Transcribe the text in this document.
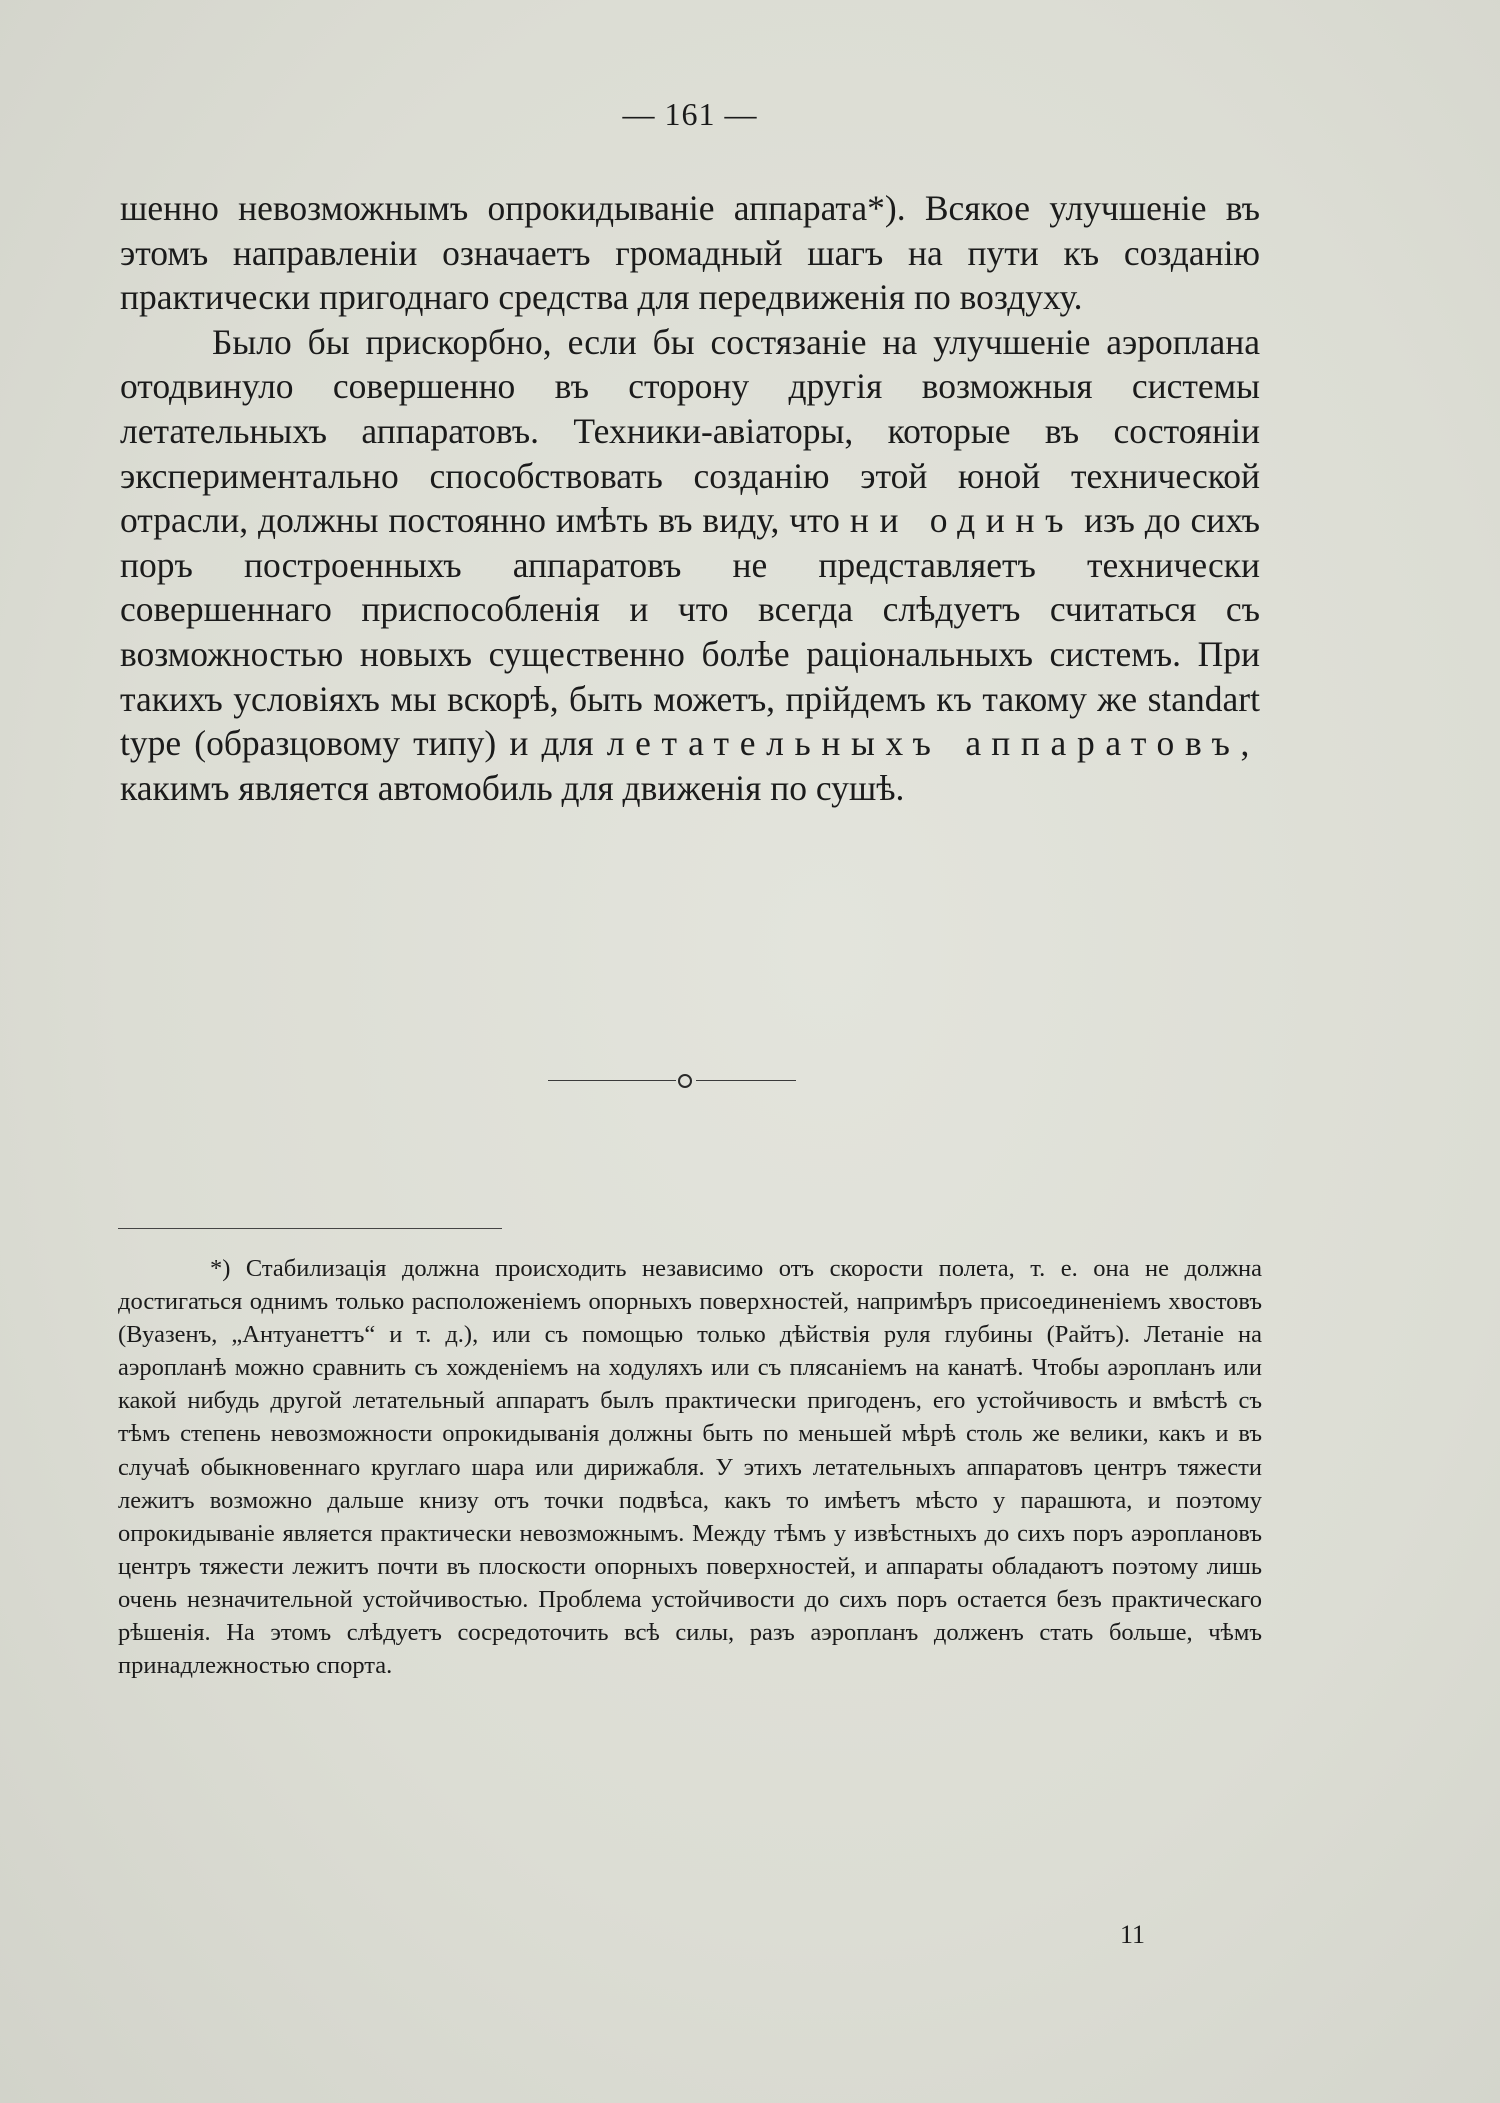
— 161 —

шенно невозможнымъ опрокидываніе аппарата*). Всякое улучшеніе въ этомъ направленіи означаетъ громадный шагъ на пути къ созданію практически пригоднаго средства для передвиженія по воздуху.

Было бы прискорбно, если бы состязаніе на улучшеніе аэроплана отодвинуло совершенно въ сторону другія возможныя системы летательныхъ аппаратовъ. Техники-авіаторы, которые въ состояніи экспериментально способствовать созданію этой юной технической отрасли, должны постоянно имѣть въ виду, что ни одинъ изъ до сихъ поръ построенныхъ аппаратовъ не представляетъ технически совершеннаго приспособленія и что всегда слѣдуетъ считаться съ возможностью новыхъ существенно болѣе раціональныхъ системъ. При такихъ условіяхъ мы вскорѣ, быть можетъ, прійдемъ къ такому же standart type (образцовому типу) и для летательныхъ аппаратовъ, какимъ является автомобиль для движенія по сушѣ.

*) Стабилизація должна происходить независимо отъ скорости полета, т. е. она не должна достигаться однимъ только расположеніемъ опорныхъ поверхностей, напримѣръ присоединеніемъ хвостовъ (Вуазенъ, „Антуанеттъ“ и т. д.), или съ помощью только дѣйствія руля глубины (Райтъ). Летаніе на аэропланѣ можно сравнить съ хожденіемъ на ходуляхъ или съ плясаніемъ на канатѣ. Чтобы аэропланъ или какой нибудь другой летательный аппаратъ былъ практически пригоденъ, его устойчивость и вмѣстѣ съ тѣмъ степень невозможности опрокидыванія должны быть по меньшей мѣрѣ столь же велики, какъ и въ случаѣ обыкновеннаго круглаго шара или дирижабля. У этихъ летательныхъ аппаратовъ центръ тяжести лежитъ возможно дальше книзу отъ точки подвѣса, какъ то имѣетъ мѣсто у парашюта, и поэтому опрокидываніе является практически невозможнымъ. Между тѣмъ у извѣстныхъ до сихъ поръ аэроплановъ центръ тяжести лежитъ почти въ плоскости опорныхъ поверхностей, и аппараты обладаютъ поэтому лишь очень незначительной устойчивостью. Проблема устойчивости до сихъ поръ остается безъ практическаго рѣшенія. На этомъ слѣдуетъ сосредоточить всѣ силы, разъ аэропланъ долженъ стать больше, чѣмъ принадлежностью спорта.

11
